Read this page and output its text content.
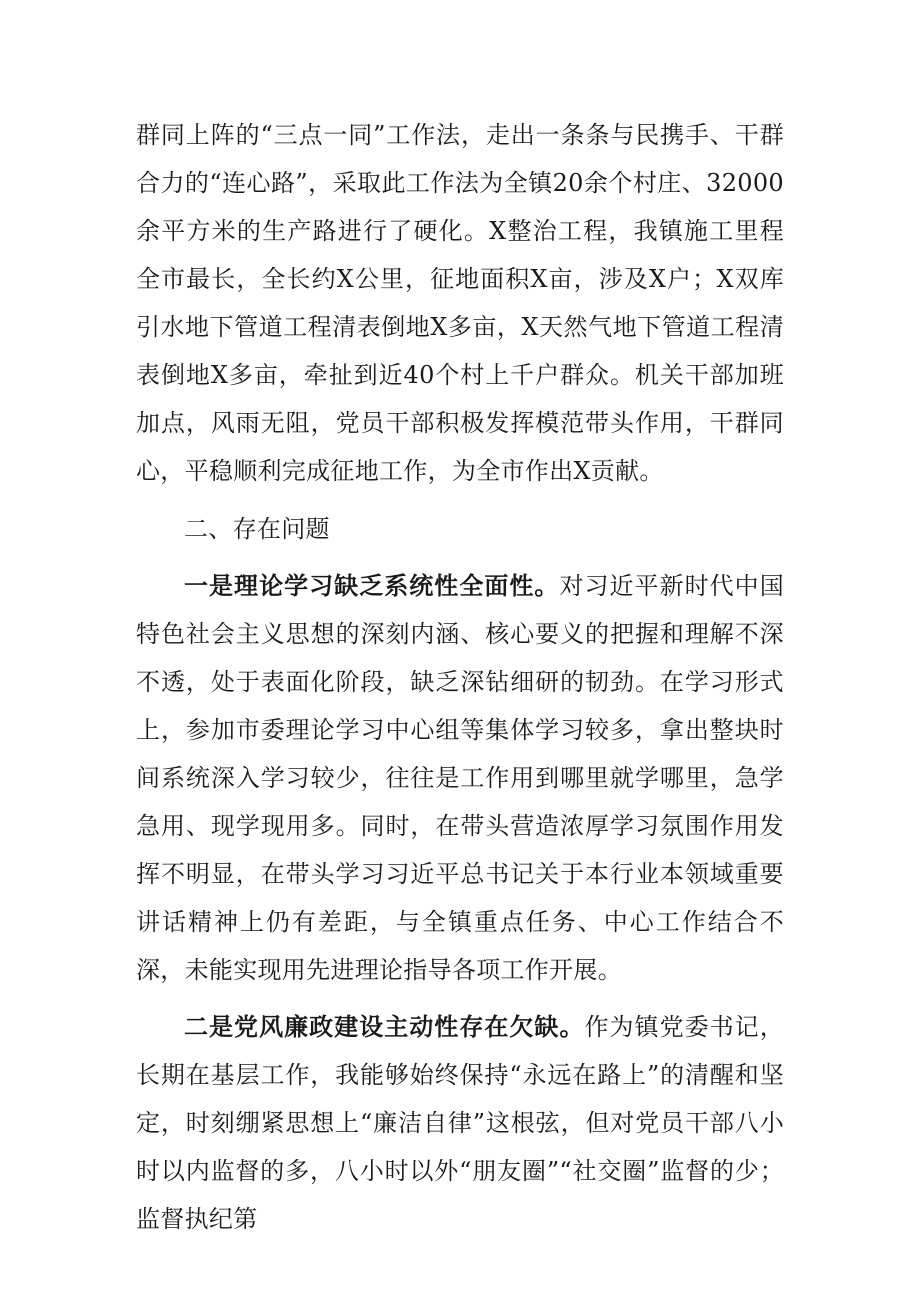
群同上阵的“三点一同”工作法，走出一条条与民携手、干群合力的“连心路”，采取此工作法为全镇20余个村庄、32000余平方米的生产路进行了硬化。X整治工程，我镇施工里程全市最长，全长约X公里，征地面积X亩，涉及X户；X双库引水地下管道工程清表倒地X多亩，X天然气地下管道工程清表倒地X多亩，牵扯到近40个村上千户群众。机关干部加班加点，风雨无阻，党员干部积极发挥模范带头作用，干群同心，平稳顺利完成征地工作，为全市作出X贡献。

二、存在问题

一是理论学习缺乏系统性全面性。对习近平新时代中国特色社会主义思想的深刻内涵、核心要义的把握和理解不深不透，处于表面化阶段，缺乏深钻细研的韧劲。在学习形式上，参加市委理论学习中心组等集体学习较多，拿出整块时间系统深入学习较少，往往是工作用到哪里就学哪里，急学急用、现学现用多。同时，在带头营造浓厚学习氛围作用发挥不明显，在带头学习习近平总书记关于本行业本领域重要讲话精神上仍有差距，与全镇重点任务、中心工作结合不深，未能实现用先进理论指导各项工作开展。

二是党风廉政建设主动性存在欠缺。作为镇党委书记，长期在基层工作，我能够始终保持“永远在路上”的清醒和坚定，时刻绷紧思想上“廉洁自律”这根弦，但对党员干部八小时以内监督的多，八小时以外“朋友圈”“社交圈”监督的少；监督执纪第
